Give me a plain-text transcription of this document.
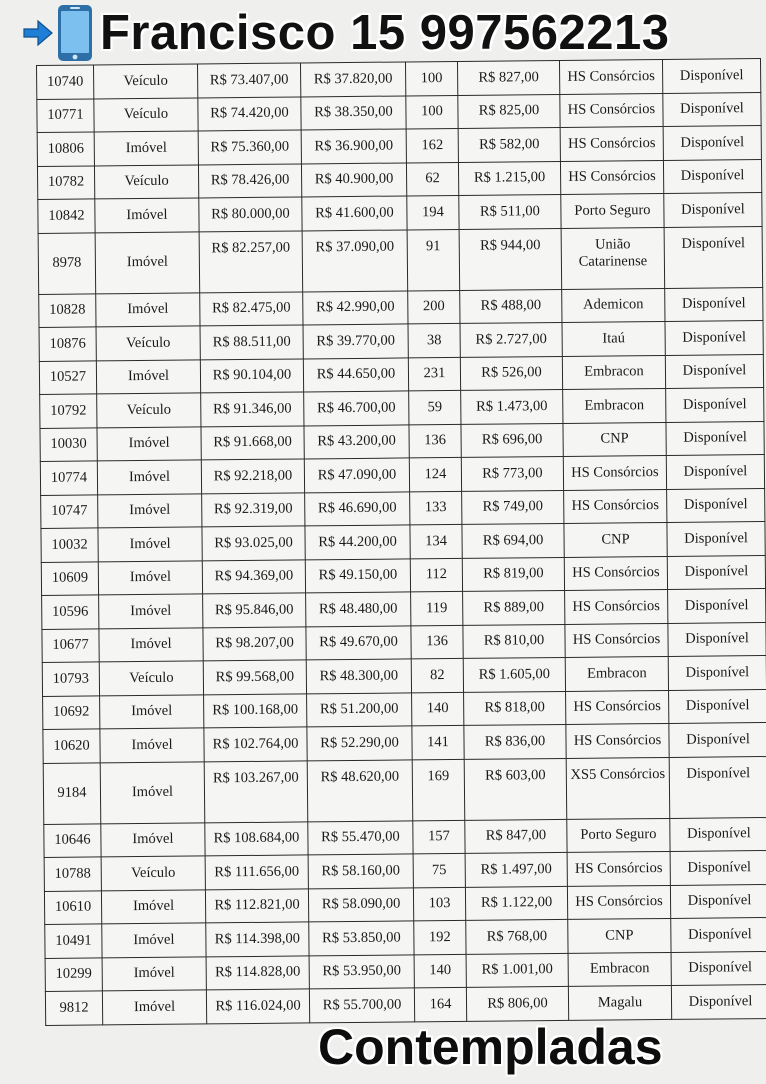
Francisco 15 997562213
10740	Veículo	R$ 73.407,00	R$ 37.820,00	100	R$ 827,00	HS Consórcios	Disponível
10771	Veículo	R$ 74.420,00	R$ 38.350,00	100	R$ 825,00	HS Consórcios	Disponível
10806	Imóvel	R$ 75.360,00	R$ 36.900,00	162	R$ 582,00	HS Consórcios	Disponível
10782	Veículo	R$ 78.426,00	R$ 40.900,00	62	R$ 1.215,00	HS Consórcios	Disponível
10842	Imóvel	R$ 80.000,00	R$ 41.600,00	194	R$ 511,00	Porto Seguro	Disponível
8978	Imóvel	R$ 82.257,00	R$ 37.090,00	91	R$ 944,00	União Catarinense	Disponível
10828	Imóvel	R$ 82.475,00	R$ 42.990,00	200	R$ 488,00	Ademicon	Disponível
10876	Veículo	R$ 88.511,00	R$ 39.770,00	38	R$ 2.727,00	Itaú	Disponível
10527	Imóvel	R$ 90.104,00	R$ 44.650,00	231	R$ 526,00	Embracon	Disponível
10792	Veículo	R$ 91.346,00	R$ 46.700,00	59	R$ 1.473,00	Embracon	Disponível
10030	Imóvel	R$ 91.668,00	R$ 43.200,00	136	R$ 696,00	CNP	Disponível
10774	Imóvel	R$ 92.218,00	R$ 47.090,00	124	R$ 773,00	HS Consórcios	Disponível
10747	Imóvel	R$ 92.319,00	R$ 46.690,00	133	R$ 749,00	HS Consórcios	Disponível
10032	Imóvel	R$ 93.025,00	R$ 44.200,00	134	R$ 694,00	CNP	Disponível
10609	Imóvel	R$ 94.369,00	R$ 49.150,00	112	R$ 819,00	HS Consórcios	Disponível
10596	Imóvel	R$ 95.846,00	R$ 48.480,00	119	R$ 889,00	HS Consórcios	Disponível
10677	Imóvel	R$ 98.207,00	R$ 49.670,00	136	R$ 810,00	HS Consórcios	Disponível
10793	Veículo	R$ 99.568,00	R$ 48.300,00	82	R$ 1.605,00	Embracon	Disponível
10692	Imóvel	R$ 100.168,00	R$ 51.200,00	140	R$ 818,00	HS Consórcios	Disponível
10620	Imóvel	R$ 102.764,00	R$ 52.290,00	141	R$ 836,00	HS Consórcios	Disponível
9184	Imóvel	R$ 103.267,00	R$ 48.620,00	169	R$ 603,00	XS5 Consórcios	Disponível
10646	Imóvel	R$ 108.684,00	R$ 55.470,00	157	R$ 847,00	Porto Seguro	Disponível
10788	Veículo	R$ 111.656,00	R$ 58.160,00	75	R$ 1.497,00	HS Consórcios	Disponível
10610	Imóvel	R$ 112.821,00	R$ 58.090,00	103	R$ 1.122,00	HS Consórcios	Disponível
10491	Imóvel	R$ 114.398,00	R$ 53.850,00	192	R$ 768,00	CNP	Disponível
10299	Imóvel	R$ 114.828,00	R$ 53.950,00	140	R$ 1.001,00	Embracon	Disponível
9812	Imóvel	R$ 116.024,00	R$ 55.700,00	164	R$ 806,00	Magalu	Disponível
Contempladas
